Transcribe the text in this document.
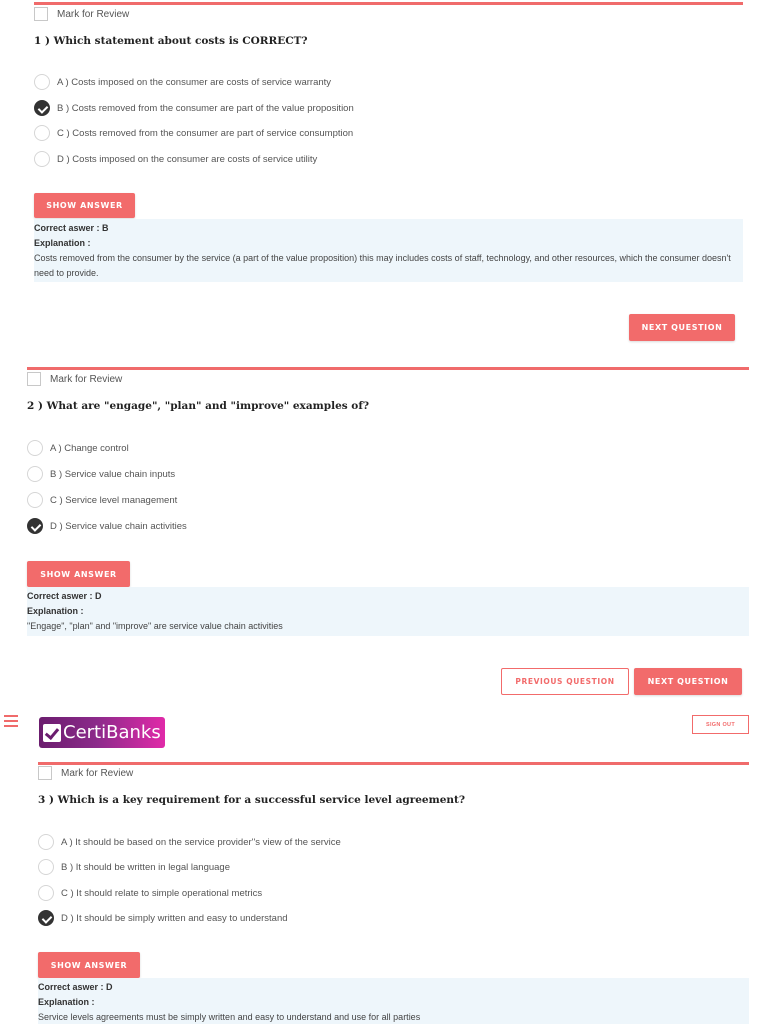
Mark for Review
1 ) Which statement about costs is CORRECT?
A ) Costs imposed on the consumer are costs of service warranty
B ) Costs removed from the consumer are part of the value proposition
C ) Costs removed from the consumer are part of service consumption
D ) Costs imposed on the consumer are costs of service utility
SHOW ANSWER
Correct aswer : B
Explanation :
Costs removed from the consumer by the service (a part of the value proposition) this may includes costs of staff, technology, and other resources, which the consumer doesn't need to provide.
NEXT QUESTION
Mark for Review
2 ) What are "engage", "plan" and "improve" examples of?
A ) Change control
B ) Service value chain inputs
C ) Service level management
D ) Service value chain activities
SHOW ANSWER
Correct aswer : D
Explanation :
"Engage", "plan" and "improve" are service value chain activities
PREVIOUS QUESTION	NEXT QUESTION
CertiBanks	SIGN OUT
Mark for Review
3 ) Which is a key requirement for a successful service level agreement?
A ) It should be based on the service provider''s view of the service
B ) It should be written in legal language
C ) It should relate to simple operational metrics
D ) It should be simply written and easy to understand
SHOW ANSWER
Correct aswer : D
Explanation :
Service levels agreements must be simply written and easy to understand and use for all parties
